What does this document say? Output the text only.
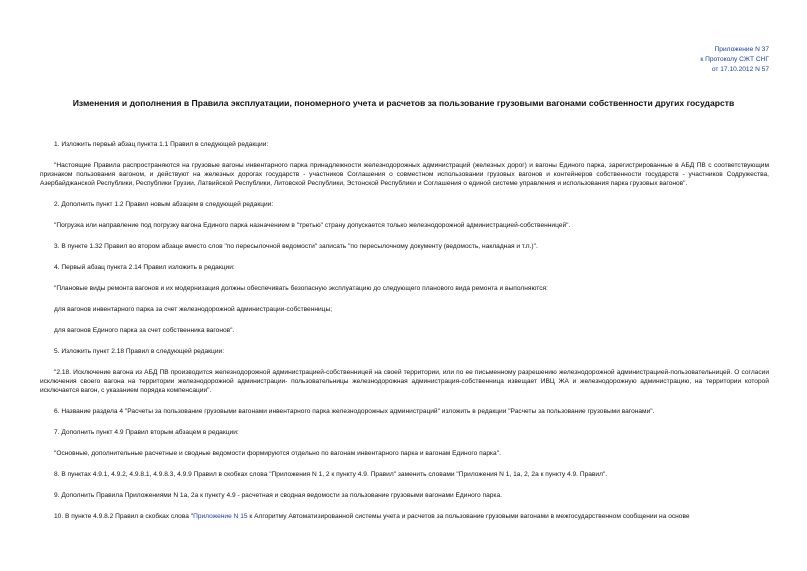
Приложение N 37
к Протоколу СЖТ СНГ
от 17.10.2012 N 57
Изменения и дополнения в Правила эксплуатации, пономерного учета и расчетов за пользование грузовыми вагонами собственности других государств

1. Изложить первый абзац пункта 1.1 Правил в следующей редакции:

"Настоящие Правила распространяются на грузовые вагоны инвентарного парка принадлежности железнодорожных администраций (железных дорог) и вагоны Единого парка, зарегистрированные в АБД ПВ с соответствующим признаком пользования вагоном, и действуют на железных дорогах государств - участников Соглашения о совместном использовании грузовых вагонов и контейнеров собственности государств - участников Содружества, Азербайджанской Республики, Республики Грузии, Латвийской Республики, Литовской Республики, Эстонской Республики и Соглашения о единой системе управления и использования парка грузовых вагонов".

2. Дополнить пункт 1.2 Правил новым абзацем в следующей редакции:

"Погрузка или направление под погрузку вагона Единого парка назначением в "третью" страну допускается только железнодорожной администрацией-собственницей".

3. В пункте 1.32 Правил во втором абзаце вместо слов "по пересылочной ведомости" записать "по пересылочному документу (ведомость, накладная и т.п.)".

4. Первый абзац пункта 2.14 Правил изложить в редакции:

"Плановые виды ремонта вагонов и их модернизация должны обеспечивать безопасную эксплуатацию до следующего планового вида ремонта и выполняются:

для вагонов инвентарного парка за счет железнодорожной администрации-собственницы;

для вагонов Единого парка за счет собственника вагонов".

5. Изложить пункт 2.18 Правил в следующей редакции:

"2.18. Исключение вагона из АБД ПВ производится железнодорожной администрацией-собственницей на своей территории, или по ее письменному разрешению железнодорожной администрацией-пользовательницей. О согласии исключения своего вагона на территории железнодорожной администрации- пользовательницы железнодорожная администрация-собственница извещает ИВЦ ЖА и железнодорожную администрацию, на территории которой исключается вагон, с указанием порядка компенсации".

6. Название раздела 4 "Расчеты за пользование грузовыми вагонами инвентарного парка железнодорожных администраций" изложить в редакции "Расчеты за пользование грузовыми вагонами".

7. Дополнить пункт 4.9 Правил вторым абзацем в редакции:

"Основные, дополнительные расчетные и сводные ведомости формируются отдельно по вагонам инвентарного парка и вагонам Единого парка".

8. В пунктах 4.9.1, 4.9.2, 4.9.8.1, 4.9.8.3, 4.9.9 Правил в скобках слова "Приложения N 1, 2 к пункту 4.9. Правил" заменить словами "Приложения N 1, 1а, 2, 2а к пункту 4.9. Правил".

9. Дополнить Правила Приложениями N 1а, 2а к пункту 4.9 - расчетная и сводная ведомости за пользование грузовыми вагонами Единого парка.

10. В пункте 4.9.8.2 Правил в скобках слова "Приложение N 15 к Алгоритму Автоматизированной системы учета и расчетов за пользование грузовыми вагонами в межгосударственном сообщении на основе
